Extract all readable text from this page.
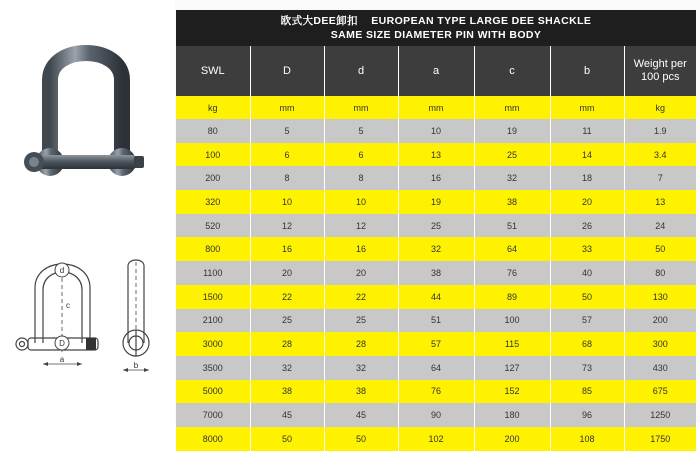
d
c
D
a
b
欧式大DEE卸扣    EUROPEAN TYPE LARGE DEE SHACKLE
SAME SIZE DIAMETER PIN WITH BODY
SWL	D	d	a	c	b	Weight per 100 pcs
kg	mm	mm	mm	mm	mm	kg
80	5	5	10	19	11	1.9
100	6	6	13	25	14	3.4
200	8	8	16	32	18	7
320	10	10	19	38	20	13
520	12	12	25	51	26	24
800	16	16	32	64	33	50
1100	20	20	38	76	40	80
1500	22	22	44	89	50	130
2100	25	25	51	100	57	200
3000	28	28	57	115	68	300
3500	32	32	64	127	73	430
5000	38	38	76	152	85	675
7000	45	45	90	180	96	1250
8000	50	50	102	200	108	1750
